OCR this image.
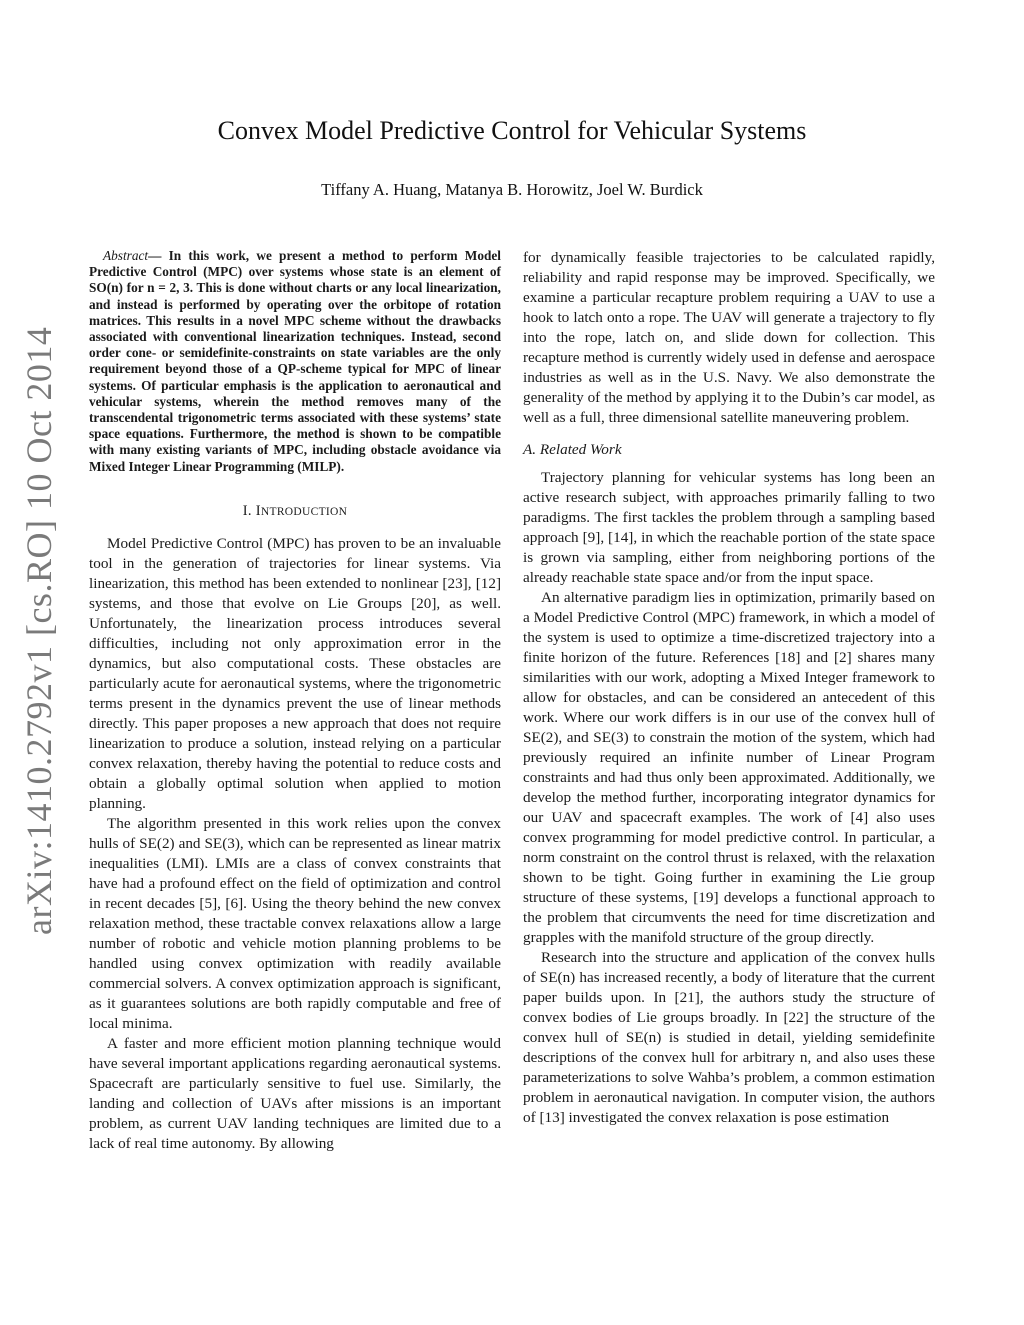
arXiv:1410.2792v1 [cs.RO] 10 Oct 2014
Convex Model Predictive Control for Vehicular Systems
Tiffany A. Huang, Matanya B. Horowitz, Joel W. Burdick

Abstract— In this work, we present a method to perform Model Predictive Control (MPC) over systems whose state is an element of SO(n) for n = 2, 3. This is done without charts or any local linearization, and instead is performed by operating over the orbitope of rotation matrices. This results in a novel MPC scheme without the drawbacks associated with conventional linearization techniques. Instead, second order cone- or semidefinite-constraints on state variables are the only requirement beyond those of a QP-scheme typical for MPC of linear systems. Of particular emphasis is the application to aeronautical and vehicular systems, wherein the method removes many of the transcendental trigonometric terms associated with these systems’ state space equations. Furthermore, the method is shown to be compatible with many existing variants of MPC, including obstacle avoidance via Mixed Integer Linear Programming (MILP).

I. INTRODUCTION

Model Predictive Control (MPC) has proven to be an invaluable tool in the generation of trajectories for linear systems. Via linearization, this method has been extended to nonlinear [23], [12] systems, and those that evolve on Lie Groups [20], as well. Unfortunately, the linearization process introduces several difficulties, including not only approximation error in the dynamics, but also computational costs. These obstacles are particularly acute for aeronautical systems, where the trigonometric terms present in the dynamics prevent the use of linear methods directly. This paper proposes a new approach that does not require linearization to produce a solution, instead relying on a particular convex relaxation, thereby having the potential to reduce costs and obtain a globally optimal solution when applied to motion planning.

The algorithm presented in this work relies upon the convex hulls of SE(2) and SE(3), which can be represented as linear matrix inequalities (LMI). LMIs are a class of convex constraints that have had a profound effect on the field of optimization and control in recent decades [5], [6]. Using the theory behind the new convex relaxation method, these tractable convex relaxations allow a large number of robotic and vehicle motion planning problems to be handled using convex optimization with readily available commercial solvers. A convex optimization approach is significant, as it guarantees solutions are both rapidly computable and free of local minima.

A faster and more efficient motion planning technique would have several important applications regarding aeronautical systems. Spacecraft are particularly sensitive to fuel use. Similarly, the landing and collection of UAVs after missions is an important problem, as current UAV landing techniques are limited due to a lack of real time autonomy. By allowing

for dynamically feasible trajectories to be calculated rapidly, reliability and rapid response may be improved. Specifically, we examine a particular recapture problem requiring a UAV to use a hook to latch onto a rope. The UAV will generate a trajectory to fly into the rope, latch on, and slide down for collection. This recapture method is currently widely used in defense and aerospace industries as well as in the U.S. Navy. We also demonstrate the generality of the method by applying it to the Dubin’s car model, as well as a full, three dimensional satellite maneuvering problem.

A. Related Work

Trajectory planning for vehicular systems has long been an active research subject, with approaches primarily falling to two paradigms. The first tackles the problem through a sampling based approach [9], [14], in which the reachable portion of the state space is grown via sampling, either from neighboring portions of the already reachable state space and/or from the input space.

An alternative paradigm lies in optimization, primarily based on a Model Predictive Control (MPC) framework, in which a model of the system is used to optimize a time-discretized trajectory into a finite horizon of the future. References [18] and [2] shares many similarities with our work, adopting a Mixed Integer framework to allow for obstacles, and can be considered an antecedent of this work. Where our work differs is in our use of the convex hull of SE(2), and SE(3) to constrain the motion of the system, which had previously required an infinite number of Linear Program constraints and had thus only been approximated. Additionally, we develop the method further, incorporating integrator dynamics for our UAV and spacecraft examples. The work of [4] also uses convex programming for model predictive control. In particular, a norm constraint on the control thrust is relaxed, with the relaxation shown to be tight. Going further in examining the Lie group structure of these systems, [19] develops a functional approach to the problem that circumvents the need for time discretization and grapples with the manifold structure of the group directly.

Research into the structure and application of the convex hulls of SE(n) has increased recently, a body of literature that the current paper builds upon. In [21], the authors study the structure of convex bodies of Lie groups broadly. In [22] the structure of the convex hull of SE(n) is studied in detail, yielding semidefinite descriptions of the convex hull for arbitrary n, and also uses these parameterizations to solve Wahba’s problem, a common estimation problem in aeronautical navigation. In computer vision, the authors of [13] investigated the convex relaxation is pose estimation
